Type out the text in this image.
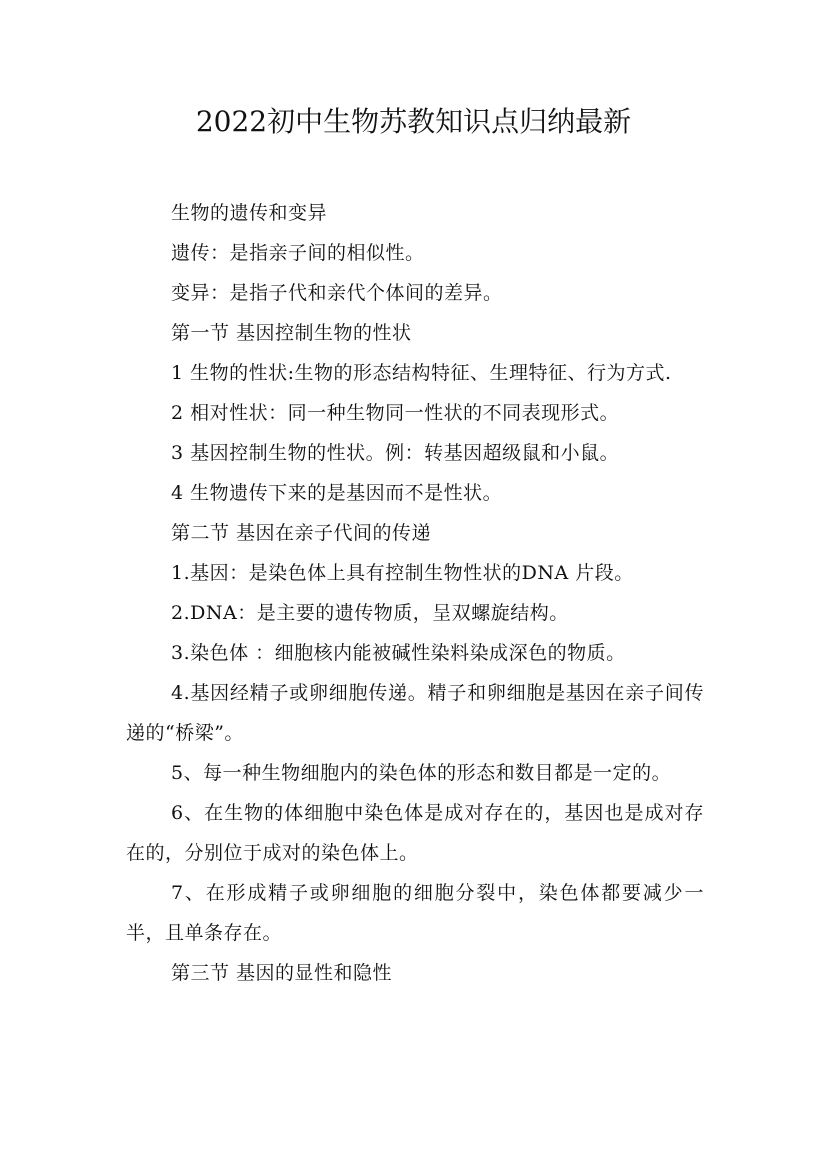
2022初中生物苏教知识点归纳最新

生物的遗传和变异

遗传：是指亲子间的相似性。

变异：是指子代和亲代个体间的差异。

第一节 基因控制生物的性状

1 生物的性状:生物的形态结构特征、生理特征、行为方式.

2 相对性状：同一种生物同一性状的不同表现形式。

3 基因控制生物的性状。例：转基因超级鼠和小鼠。

4 生物遗传下来的是基因而不是性状。

第二节 基因在亲子代间的传递

1.基因：是染色体上具有控制生物性状的DNA 片段。

2.DNA：是主要的遗传物质，呈双螺旋结构。

3.染色体 ：细胞核内能被碱性染料染成深色的物质。

4.基因经精子或卵细胞传递。精子和卵细胞是基因在亲子间传递的“桥梁”。

5、每一种生物细胞内的染色体的形态和数目都是一定的。

6、在生物的体细胞中染色体是成对存在的，基因也是成对存在的，分别位于成对的染色体上。

7、在形成精子或卵细胞的细胞分裂中，染色体都要减少一半，且单条存在。

第三节 基因的显性和隐性
